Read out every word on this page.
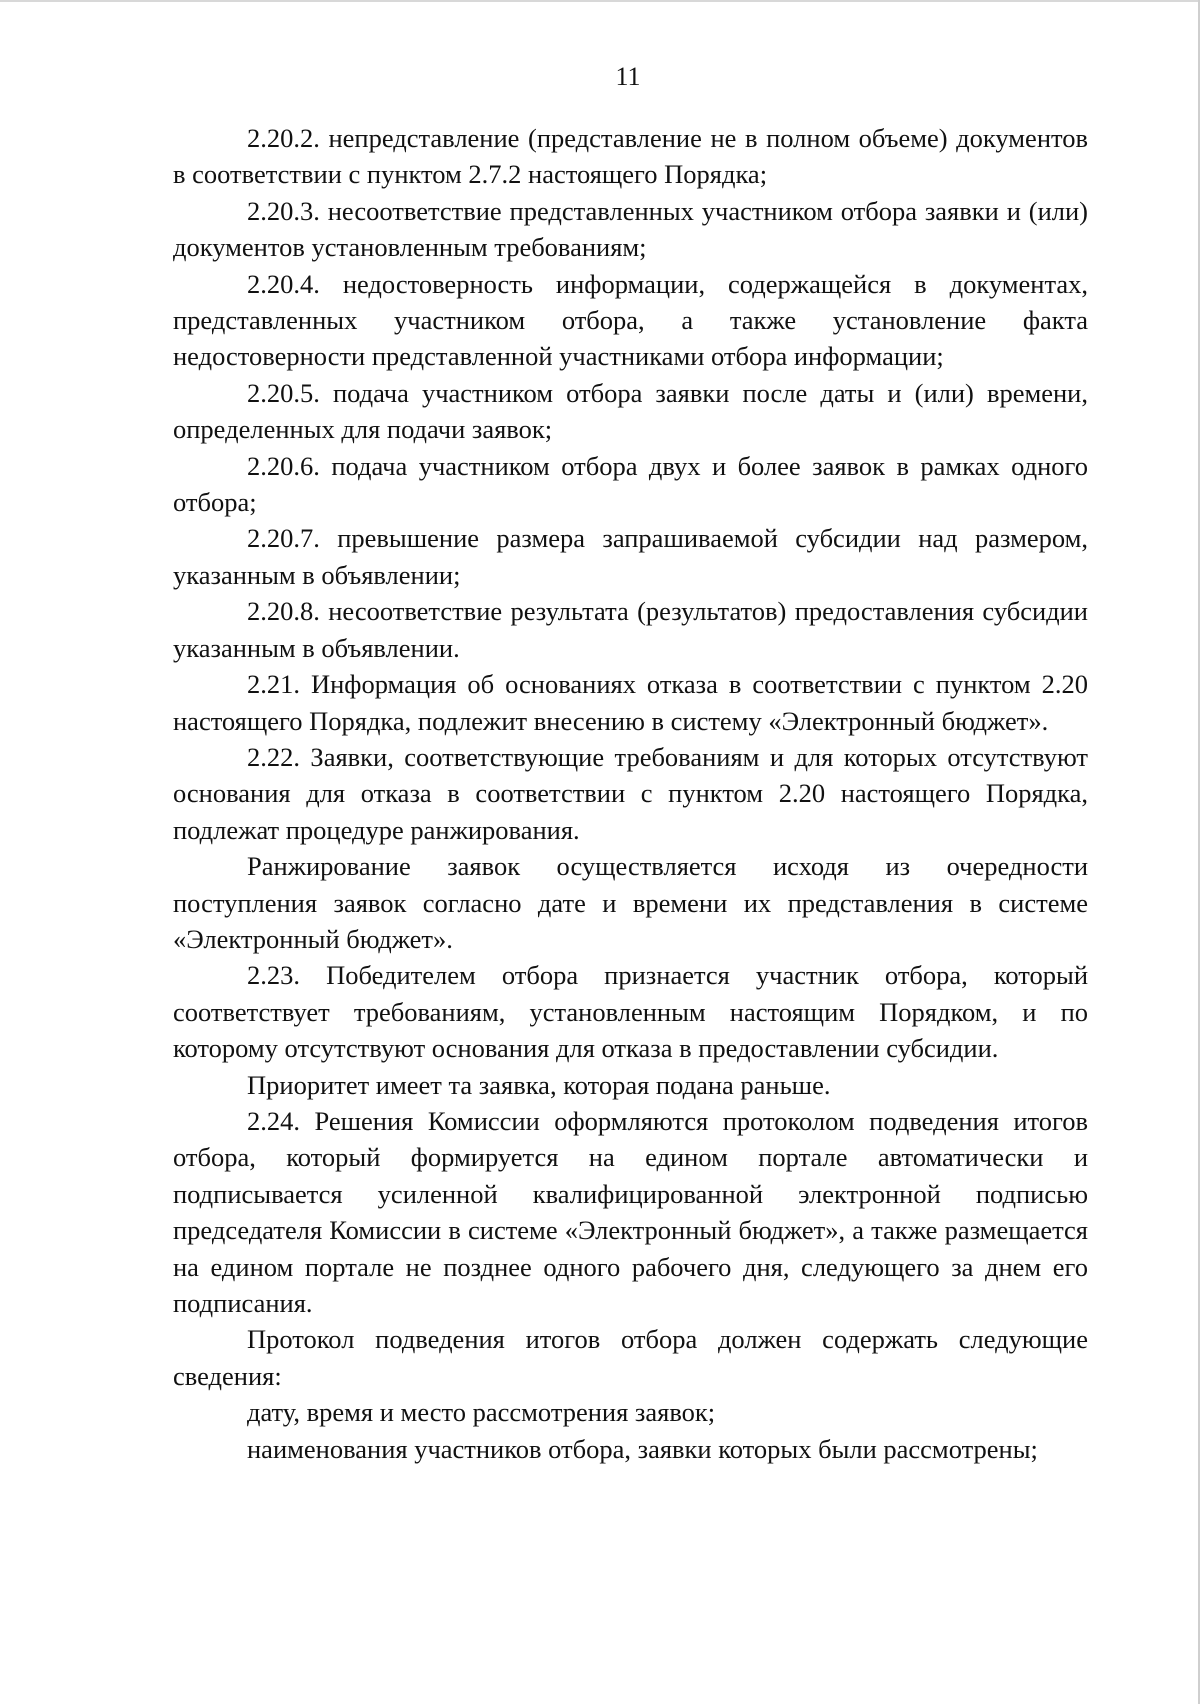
11

2.20.2. непредставление (представление не в полном объеме) документов в соответствии с пунктом 2.7.2 настоящего Порядка;

2.20.3. несоответствие представленных участником отбора заявки и (или) документов установленным требованиям;

2.20.4. недостоверность информации, содержащейся в документах, представленных участником отбора, а также установление факта недостоверности представленной участниками отбора информации;

2.20.5. подача участником отбора заявки после даты и (или) времени, определенных для подачи заявок;

2.20.6. подача участником отбора двух и более заявок в рамках одного отбора;

2.20.7. превышение размера запрашиваемой субсидии над размером, указанным в объявлении;

2.20.8. несоответствие результата (результатов) предоставления субсидии указанным в объявлении.

2.21. Информация об основаниях отказа в соответствии с пунктом 2.20 настоящего Порядка, подлежит внесению в систему «Электронный бюджет».

2.22. Заявки, соответствующие требованиям и для которых отсутствуют основания для отказа в соответствии с пунктом 2.20 настоящего Порядка, подлежат процедуре ранжирования.

Ранжирование заявок осуществляется исходя из очередности поступления заявок согласно дате и времени их представления в системе «Электронный бюджет».

2.23. Победителем отбора признается участник отбора, который соответствует требованиям, установленным настоящим Порядком, и по которому отсутствуют основания для отказа в предоставлении субсидии.

Приоритет имеет та заявка, которая подана раньше.

2.24. Решения Комиссии оформляются протоколом подведения итогов отбора, который формируется на едином портале автоматически и подписывается усиленной квалифицированной электронной подписью председателя Комиссии в системе «Электронный бюджет», а также размещается на едином портале не позднее одного рабочего дня, следующего за днем его подписания.

Протокол подведения итогов отбора должен содержать следующие сведения:

дату, время и место рассмотрения заявок;

наименования участников отбора, заявки которых были рассмотрены;
